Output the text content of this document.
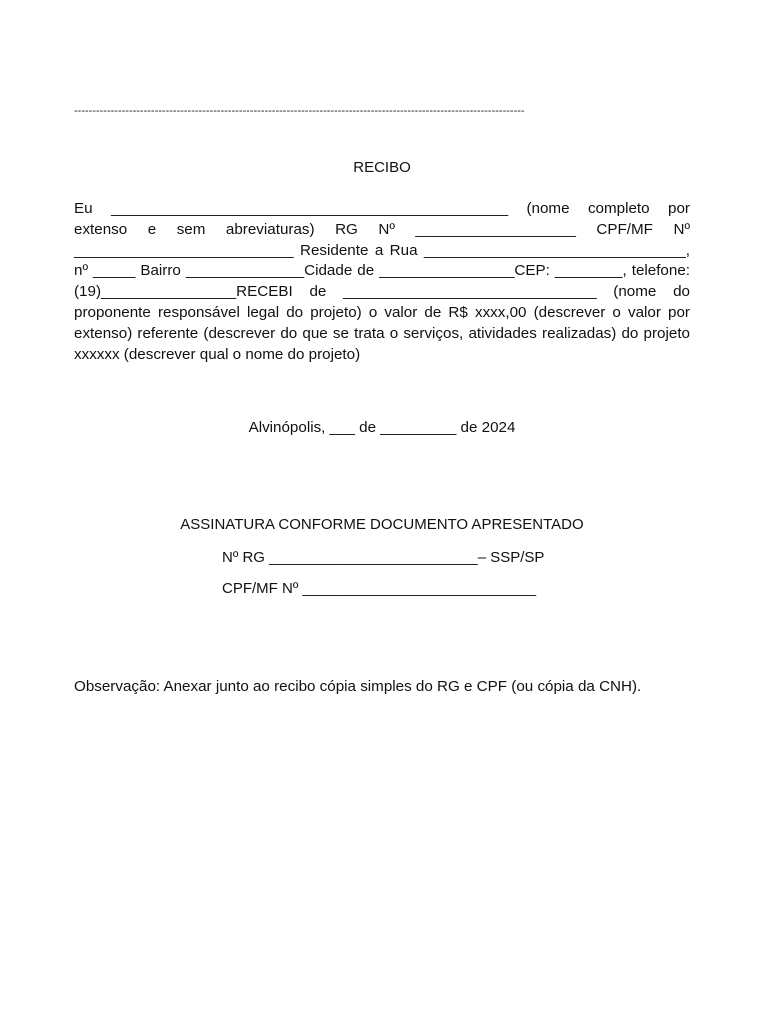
---------------------------------------------------------------------------------------------------------------------------
RECIBO
Eu _______________________________________________ (nome completo por extenso e sem abreviaturas) RG Nº ___________________ CPF/MF Nº __________________________ Residente a Rua _______________________________, nº _____ Bairro ______________Cidade de ________________CEP: ________, telefone:(19)________________RECEBI de ______________________________ (nome do proponente responsável legal do projeto) o valor de R$ xxxx,00 (descrever o valor por extenso) referente (descrever do que se trata o serviços, atividades realizadas) do projeto xxxxxx (descrever qual o nome do projeto)
Alvinópolis, ___ de _________ de 2024
ASSINATURA CONFORME DOCUMENTO APRESENTADO
Nº RG _________________________– SSP/SP
CPF/MF Nº ____________________________
Observação: Anexar junto ao recibo cópia simples do RG e CPF (ou cópia da CNH).
